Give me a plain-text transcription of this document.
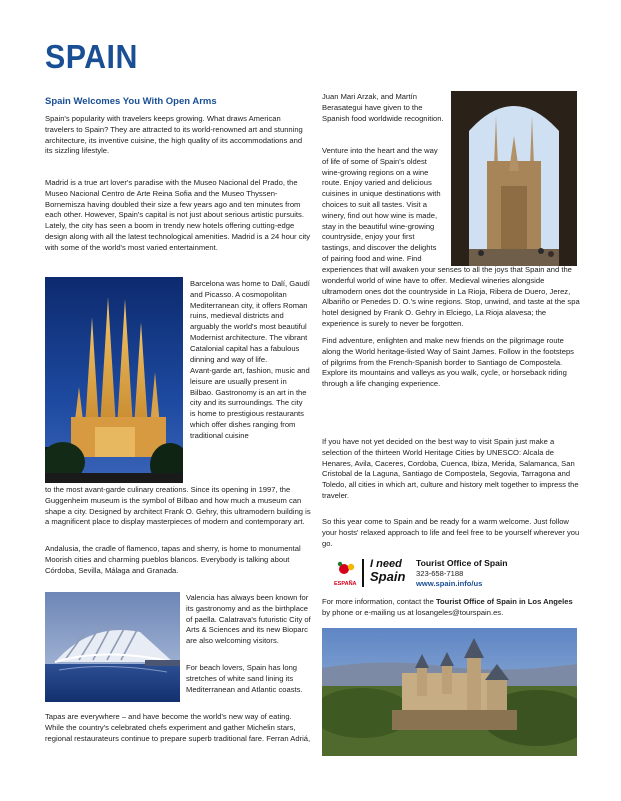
SPAIN
Spain Welcomes You With Open Arms

Spain's popularity with travelers keeps growing. What draws American travelers to Spain? They are attracted to its world-renowned art and stunning architecture, its inventive cuisine, the high quality of its accommodations and its sizzling lifestyle.

Madrid is a true art lover's paradise with the Museo Nacional del Prado, the Museo Nacional Centro de Arte Reina Sofia and the Museo Thyssen-Bornemisza having doubled their size a few years ago and ten minutes from each other. However, Spain's capital is not just about serious artistic pursuits. Lately, the city has seen a boom in trendy new hotels offering cutting-edge design along with all the latest technological amenities. Madrid is a 24 hour city with some of the world's most varied entertainment.

Barcelona was home to Dalí, Gaudí and Picasso. A cosmopolitan Mediterranean city, it offers Roman ruins, medieval districts and arguably the world's most beautiful Modernist architecture. The vibrant Catalonial capital has a fabulous dinning and way of life.

Avant-garde art, fashion, music and leisure are usually present in Bilbao. Gastronomy is an art in the city and its surroundings. The city is home to prestigious restaurants which offer dishes ranging from traditional cuisine

to the most avant-garde culinary creations. Since its opening in 1997, the Guggenheim museum is the symbol of Bilbao and how much a museum can shape a city. Designed by architect Frank O. Gehry, this ultramodern building is a magnificent place to display masterpieces of modern and contemporary art.

Andalusia, the cradle of flamenco, tapas and sherry, is home to monumental Moorish cities and charming pueblos blancos. Everybody is talking about Córdoba, Sevilla, Málaga and Granada.

Valencia has always been known for its gastronomy and as the birthplace of paella. Calatrava's futuristic City of Arts & Sciences and its new Bioparc are also welcoming visitors.

For beach lovers, Spain has long stretches of white sand lining its Mediterranean and Atlantic coasts.

Tapas are everywhere – and have become the world's new way of eating. While the country's celebrated chefs experiment and gather Michelin stars, regional restaurateurs continue to prepare superb traditional fare. Ferran Adriá,

Juan Mari Arzak, and Martín Berasategui have given to the Spanish food worldwide recognition.

Venture into the heart and the way of life of some of Spain's oldest wine-growing regions on a wine route. Enjoy varied and delicious cuisines in unique destinations with choices to suit all tastes. Visit a winery, find out how wine is made, stay in the beautiful wine-growing countryside, enjoy your first tastings, and discover the delights of pairing food and wine. Find

experiences that will awaken your senses to all the joys that Spain and the wonderful world of wine have to offer. Medieval wineries alongside ultramodern ones dot the countryside in La Rioja, Ribera de Duero, Jerez, Albariño or Penedes D. O.'s wine regions. Stop, unwind, and taste at the spa hotel designed by Frank O. Gehry in Elciego, La Rioja alavesa; the experience is surely to never be forgotten.

Find adventure, enlighten and make new friends on the pilgrimage route along the World heritage-listed Way of Saint James. Follow in the footsteps of pilgrims from the French-Spanish border to Santiago de Compostela. Explore its mountains and valleys as you walk, cycle, or horseback riding through a life changing experience.

If you have not yet decided on the best way to visit Spain just make a selection of the thirteen World Heritage Cities by UNESCO: Alcala de Henares, Avila, Caceres, Cordoba, Cuenca, Ibiza, Merida, Salamanca, San Cristobal de la Laguna, Santiago de Compostela, Segovia, Tarragona and Toledo, all cities in which art, culture and history melt together to impress the traveler.

So this year come to Spain and be ready for a warm welcome. Just follow your hosts' relaxed approach to life and feel free to be yourself wherever you go.

ESPAÑA
I need
Spain
Tourist Office of Spain
323-658-7188
www.spain.info/us

For more information, contact the Tourist Office of Spain in Los Angeles
by phone or e-mailing us at losangeles@tourspain.es.
